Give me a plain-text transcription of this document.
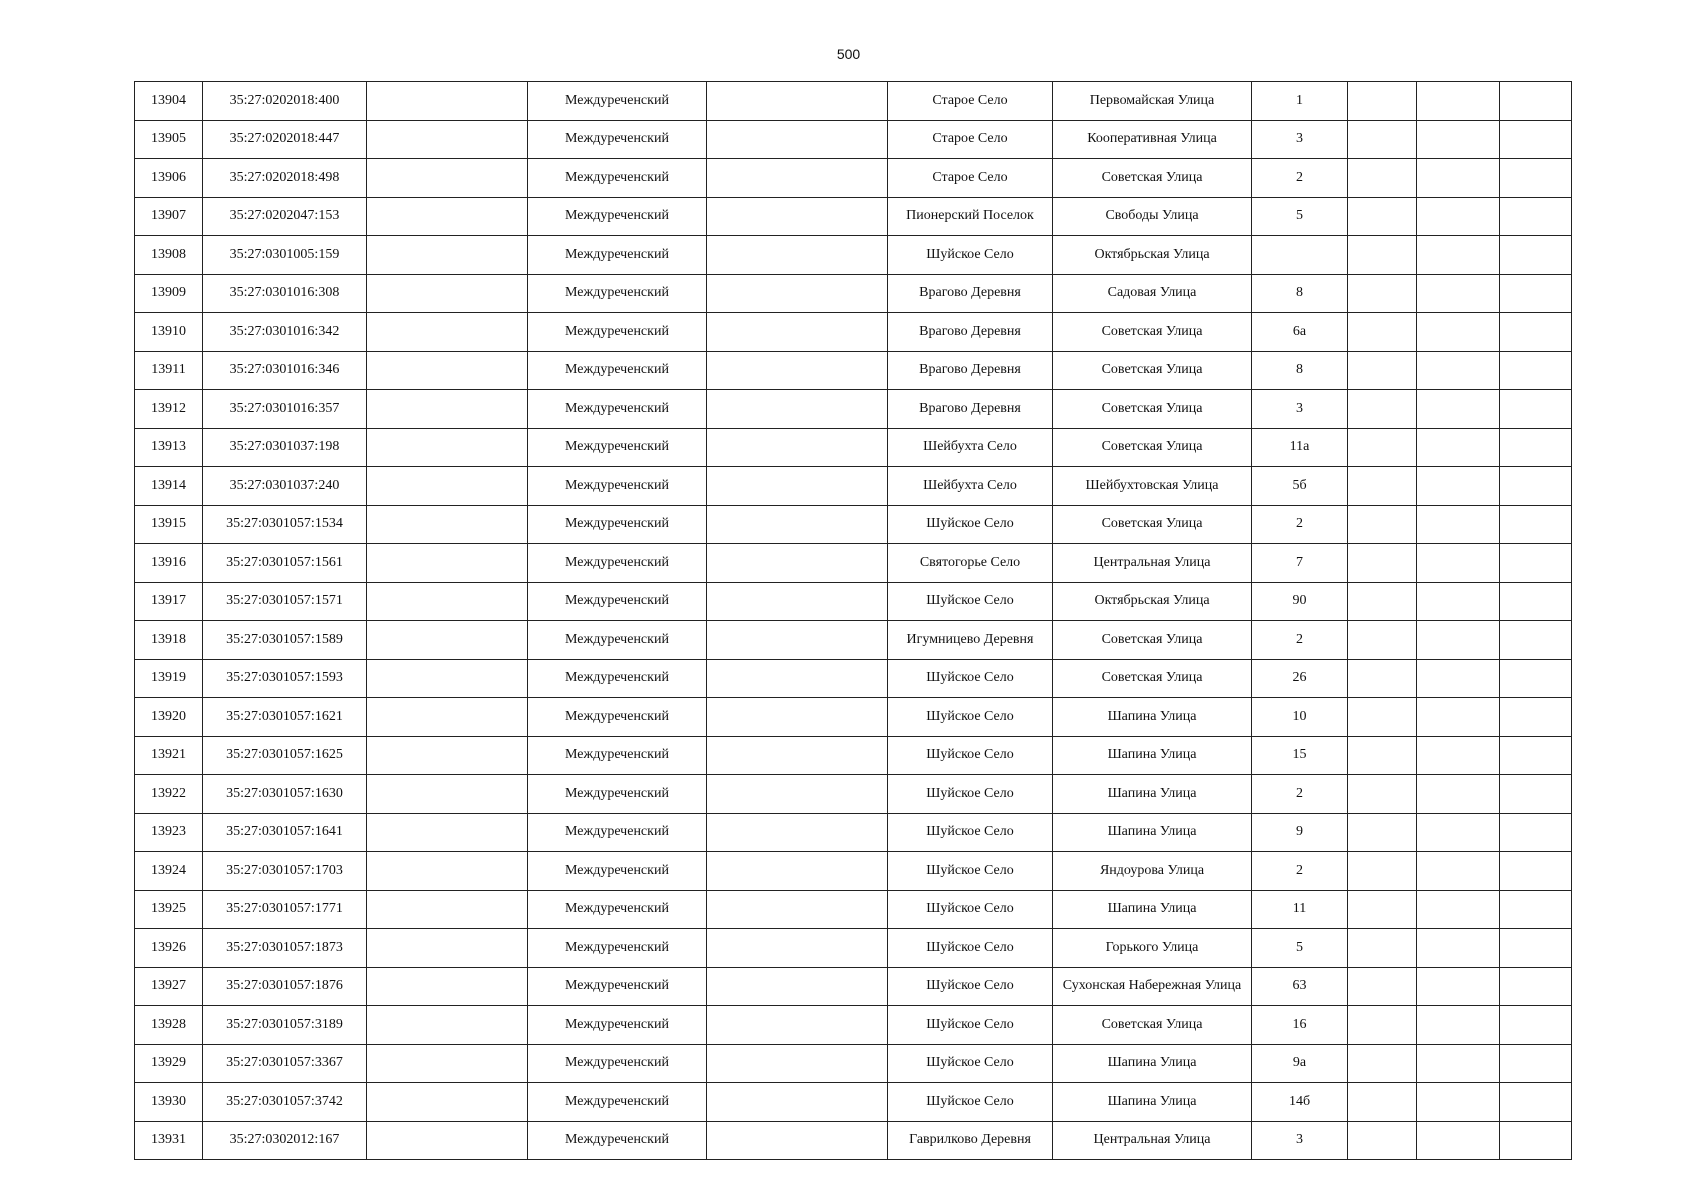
500
13904	35:27:0202018:400		Междуреченский		Старое Село	Первомайская Улица	1			
13905	35:27:0202018:447		Междуреченский		Старое Село	Кооперативная Улица	3			
13906	35:27:0202018:498		Междуреченский		Старое Село	Советская Улица	2			
13907	35:27:0202047:153		Междуреченский		Пионерский Поселок	Свободы Улица	5			
13908	35:27:0301005:159		Междуреченский		Шуйское Село	Октябрьская Улица				
13909	35:27:0301016:308		Междуреченский		Врагово Деревня	Садовая Улица	8			
13910	35:27:0301016:342		Междуреченский		Врагово Деревня	Советская Улица	6а			
13911	35:27:0301016:346		Междуреченский		Врагово Деревня	Советская Улица	8			
13912	35:27:0301016:357		Междуреченский		Врагово Деревня	Советская Улица	3			
13913	35:27:0301037:198		Междуреченский		Шейбухта Село	Советская Улица	11а			
13914	35:27:0301037:240		Междуреченский		Шейбухта Село	Шейбухтовская Улица	5б			
13915	35:27:0301057:1534		Междуреченский		Шуйское Село	Советская Улица	2			
13916	35:27:0301057:1561		Междуреченский		Святогорье Село	Центральная Улица	7			
13917	35:27:0301057:1571		Междуреченский		Шуйское Село	Октябрьская Улица	90			
13918	35:27:0301057:1589		Междуреченский		Игумницево Деревня	Советская Улица	2			
13919	35:27:0301057:1593		Междуреченский		Шуйское Село	Советская Улица	26			
13920	35:27:0301057:1621		Междуреченский		Шуйское Село	Шапина Улица	10			
13921	35:27:0301057:1625		Междуреченский		Шуйское Село	Шапина Улица	15			
13922	35:27:0301057:1630		Междуреченский		Шуйское Село	Шапина Улица	2			
13923	35:27:0301057:1641		Междуреченский		Шуйское Село	Шапина Улица	9			
13924	35:27:0301057:1703		Междуреченский		Шуйское Село	Яндоурова Улица	2			
13925	35:27:0301057:1771		Междуреченский		Шуйское Село	Шапина Улица	11			
13926	35:27:0301057:1873		Междуреченский		Шуйское Село	Горького Улица	5			
13927	35:27:0301057:1876		Междуреченский		Шуйское Село	Сухонская Набережная Улица	63			
13928	35:27:0301057:3189		Междуреченский		Шуйское Село	Советская Улица	16			
13929	35:27:0301057:3367		Междуреченский		Шуйское Село	Шапина Улица	9а			
13930	35:27:0301057:3742		Междуреченский		Шуйское Село	Шапина Улица	14б			
13931	35:27:0302012:167		Междуреченский		Гаврилково Деревня	Центральная Улица	3			
